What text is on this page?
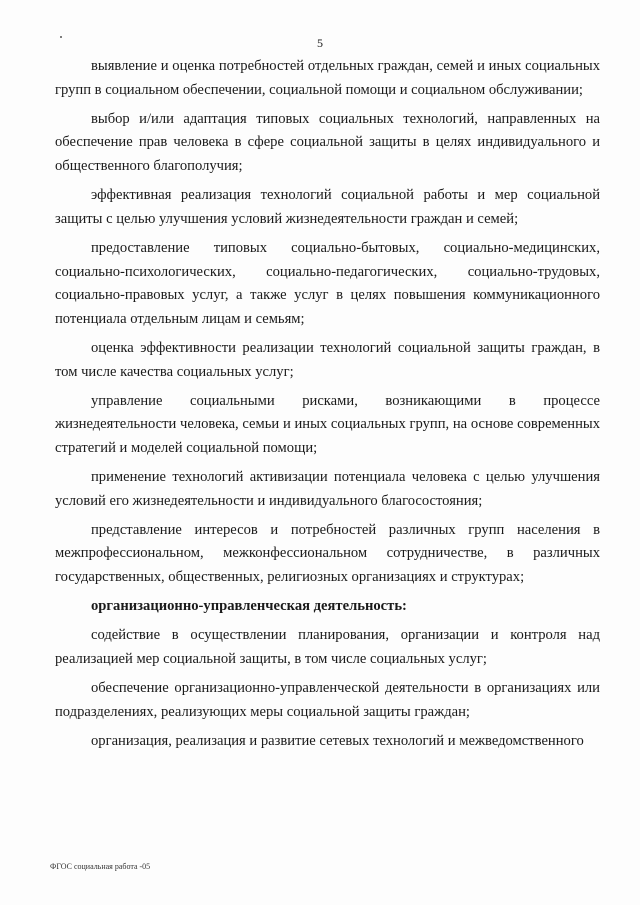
5

выявление и оценка потребностей отдельных граждан, семей и иных социальных групп в социальном обеспечении, социальной помощи и социальном обслуживании;

выбор и/или адаптация типовых социальных технологий, направленных на обеспечение прав человека в сфере социальной защиты в целях индивидуального и общественного благополучия;

эффективная реализация технологий социальной работы и мер социальной защиты с целью улучшения условий жизнедеятельности граждан и семей;

предоставление типовых социально-бытовых, социально-медицинских, социально-психологических, социально-педагогических, социально-трудовых, социально-правовых услуг, а также услуг в целях повышения коммуникационного потенциала отдельным лицам и семьям;

оценка эффективности реализации технологий социальной защиты граждан, в том числе качества социальных услуг;

управление социальными рисками, возникающими в процессе жизнедеятельности человека, семьи и иных социальных групп, на основе современных стратегий и моделей социальной помощи;

применение технологий активизации потенциала человека с целью улучшения условий его жизнедеятельности и индивидуального благосостояния;

представление интересов и потребностей различных групп населения в межпрофессиональном, межконфессиональном сотрудничестве, в различных государственных, общественных, религиозных организациях и структурах;

организационно-управленческая деятельность:

содействие в осуществлении планирования, организации и контроля над реализацией мер социальной защиты, в том числе социальных услуг;

обеспечение организационно-управленческой деятельности в организациях или подразделениях, реализующих меры социальной защиты граждан;

организация, реализация и развитие сетевых технологий и межведомственного

ФГОС социальная работа -05
